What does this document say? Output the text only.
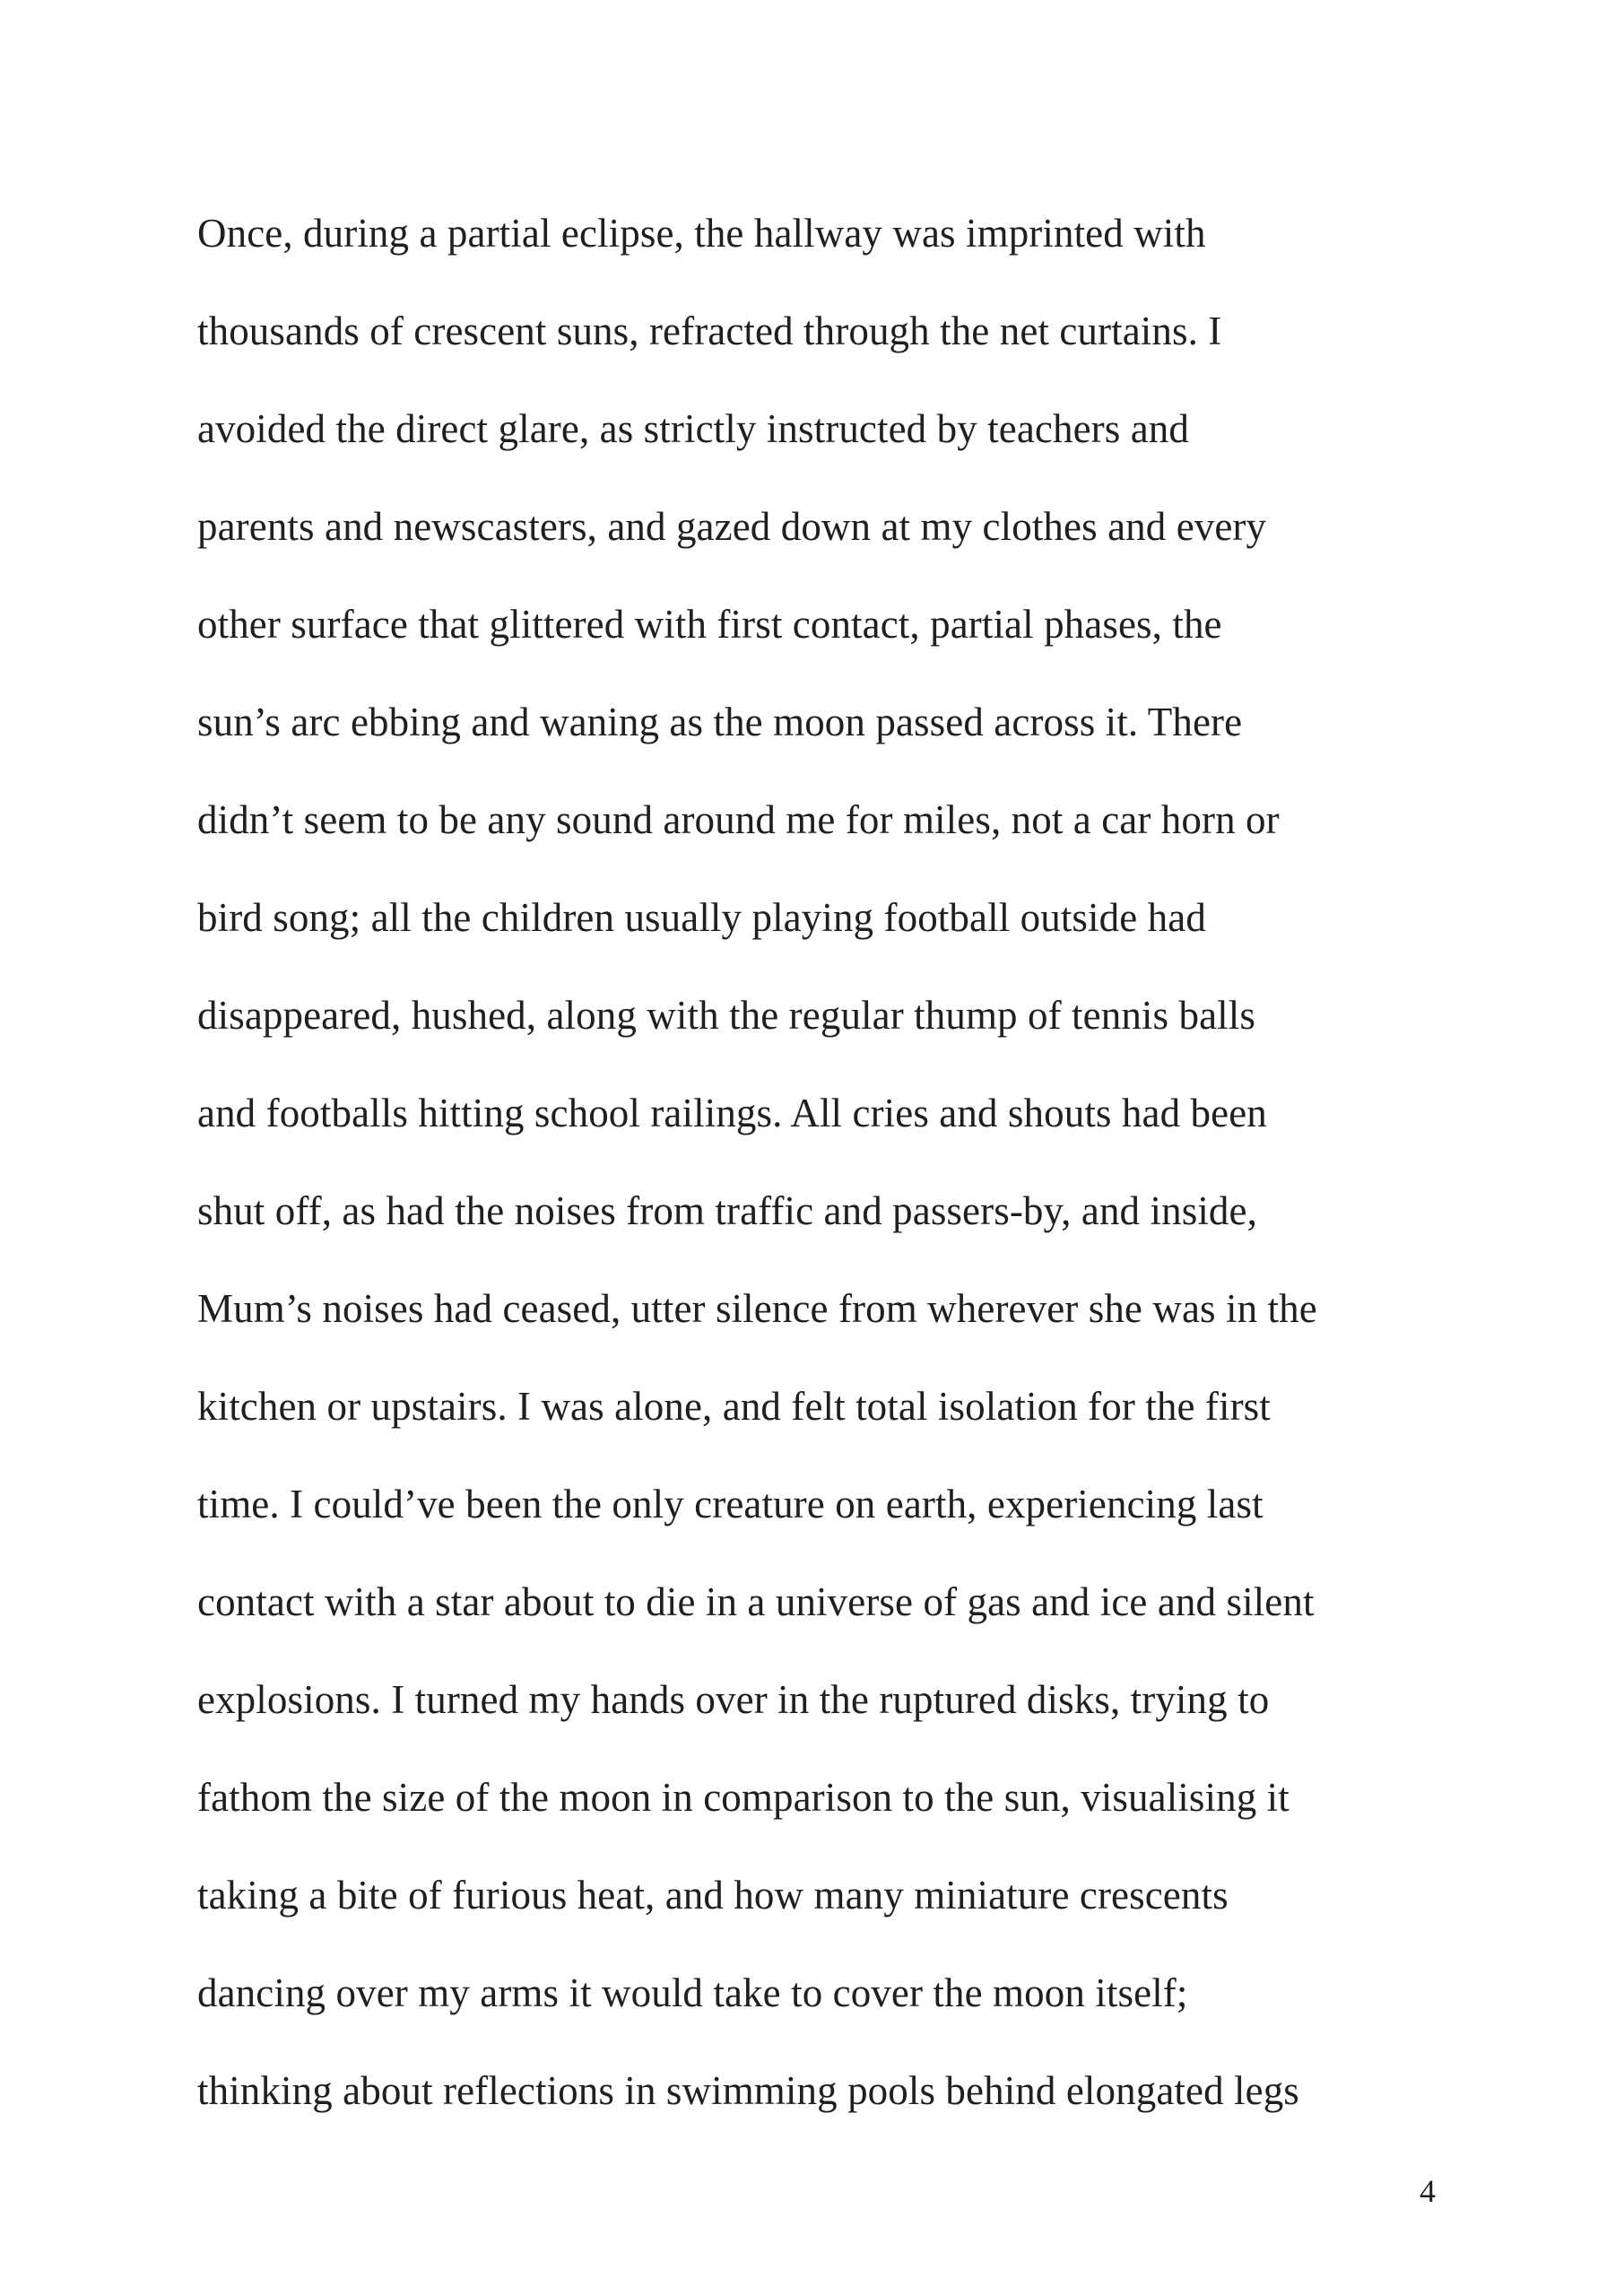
Once, during a partial eclipse, the hallway was imprinted with
thousands of crescent suns, refracted through the net curtains. I
avoided the direct glare, as strictly instructed by teachers and
parents and newscasters, and gazed down at my clothes and every
other surface that glittered with first contact, partial phases, the
sun’s arc ebbing and waning as the moon passed across it. There
didn’t seem to be any sound around me for miles, not a car horn or
bird song; all the children usually playing football outside had
disappeared, hushed, along with the regular thump of tennis balls
and footballs hitting school railings. All cries and shouts had been
shut off, as had the noises from traffic and passers-by, and inside,
Mum’s noises had ceased, utter silence from wherever she was in the
kitchen or upstairs. I was alone, and felt total isolation for the first
time. I could’ve been the only creature on earth, experiencing last
contact with a star about to die in a universe of gas and ice and silent
explosions. I turned my hands over in the ruptured disks, trying to
fathom the size of the moon in comparison to the sun, visualising it
taking a bite of furious heat, and how many miniature crescents
dancing over my arms it would take to cover the moon itself;
thinking about reflections in swimming pools behind elongated legs
4
